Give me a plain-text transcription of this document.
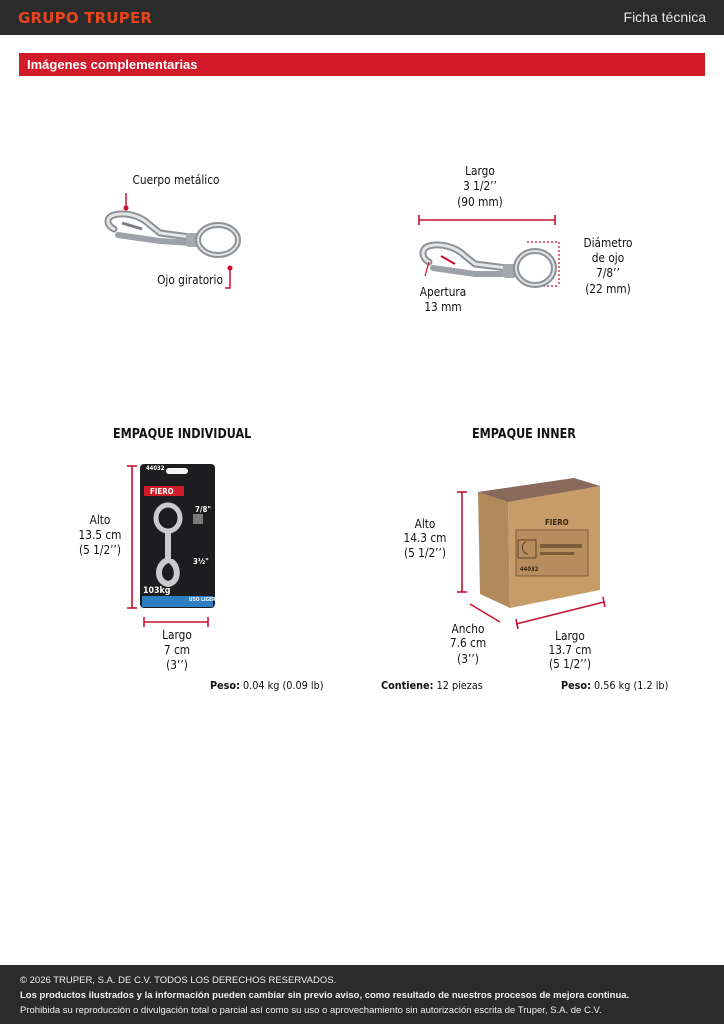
GRUPO TRUPER	Ficha técnica
Imágenes complementarias
Cuerpo metálico
Ojo giratorio
Largo
3 1/2’’
(90 mm)
Diámetro
de ojo
7/8’’
(22 mm)
Apertura
13 mm
EMPAQUE INDIVIDUAL
44032
FIERO
7/8"
3½"
103kg
USO LIGERO
Alto
13.5 cm
(5 1/2’’)
Largo
7 cm
(3’’)
Peso: 0.04 kg (0.09 lb)
EMPAQUE INNER
FIERO
44032
Alto
14.3 cm
(5 1/2’’)
Ancho
7.6 cm
(3’’)
Largo
13.7 cm
(5 1/2’’)
Contiene: 12 piezas	Peso: 0.56 kg (1.2 lb)
© 2026 TRUPER, S.A. DE C.V. TODOS LOS DERECHOS RESERVADOS.
Los productos ilustrados y la información pueden cambiar sin previo aviso, como resultado de nuestros procesos de mejora continua.
Prohibida su reproducción o divulgación total o parcial así como su uso o aprovechamiento sin autorización escrita de Truper, S.A. de C.V.
